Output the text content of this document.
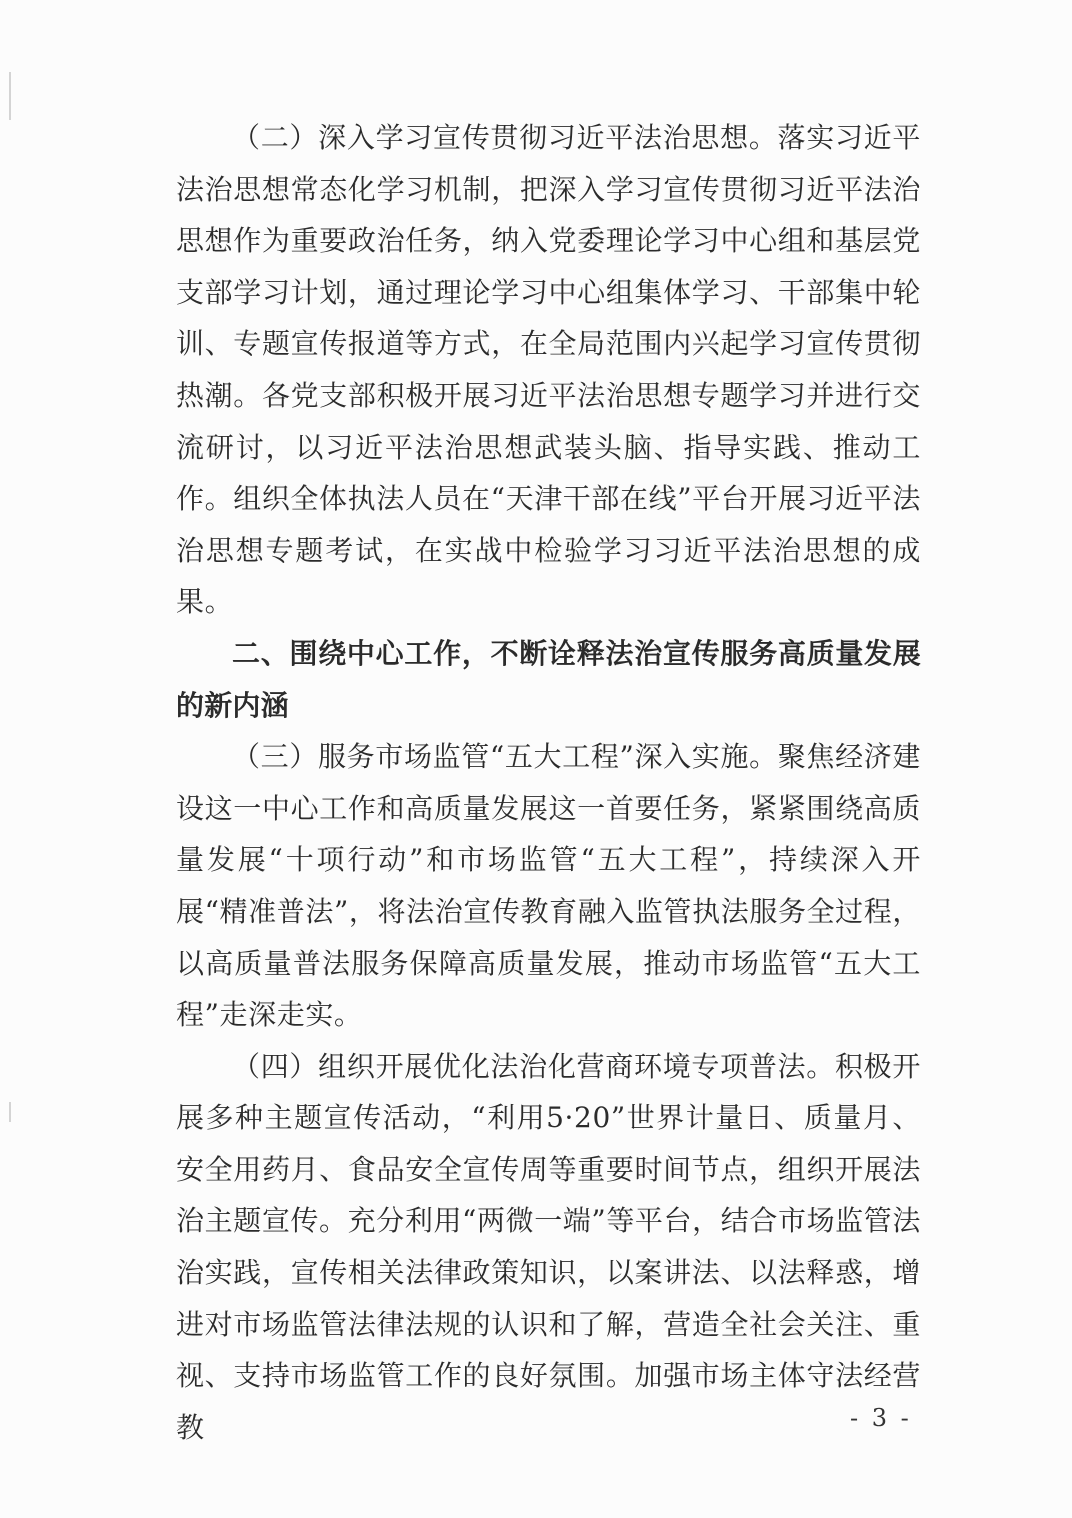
（二）深入学习宣传贯彻习近平法治思想。落实习近平法治思想常态化学习机制，把深入学习宣传贯彻习近平法治思想作为重要政治任务，纳入党委理论学习中心组和基层党支部学习计划，通过理论学习中心组集体学习、干部集中轮训、专题宣传报道等方式，在全局范围内兴起学习宣传贯彻热潮。各党支部积极开展习近平法治思想专题学习并进行交流研讨，以习近平法治思想武装头脑、指导实践、推动工作。组织全体执法人员在“天津干部在线”平台开展习近平法治思想专题考试，在实战中检验学习习近平法治思想的成果。

二、围绕中心工作，不断诠释法治宣传服务高质量发展的新内涵

（三）服务市场监管“五大工程”深入实施。聚焦经济建设这一中心工作和高质量发展这一首要任务，紧紧围绕高质量发展“十项行动”和市场监管“五大工程”，持续深入开展“精准普法”，将法治宣传教育融入监管执法服务全过程，以高质量普法服务保障高质量发展，推动市场监管“五大工程”走深走实。

（四）组织开展优化法治化营商环境专项普法。积极开展多种主题宣传活动，“利用5·20”世界计量日、质量月、安全用药月、食品安全宣传周等重要时间节点，组织开展法治主题宣传。充分利用“两微一端”等平台，结合市场监管法治实践，宣传相关法律政策知识，以案讲法、以法释惑，增进对市场监管法律法规的认识和了解，营造全社会关注、重视、支持市场监管工作的良好氛围。加强市场主体守法经营教	- 3 -
